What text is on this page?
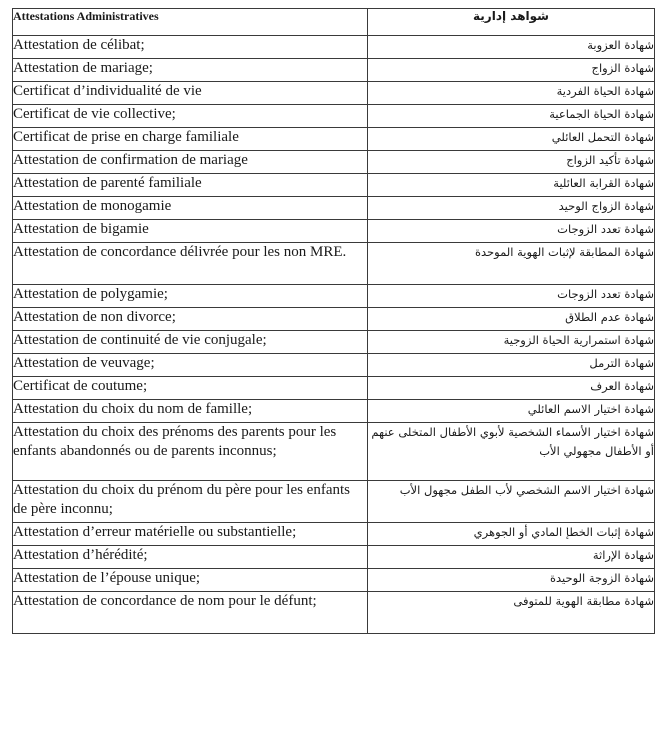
Attestations Administratives	شواهد إدارية
Attestation de célibat;	شهادة العزوبة
Attestation de mariage;	شهادة الزواج
Certificat d’individualité de vie	شهادة الحياة الفردية
Certificat de vie collective;	شهادة الحياة الجماعية
Certificat de prise en charge familiale	شهادة التحمل العائلي
Attestation de confirmation de mariage	شهادة تأكيد الزواج
Attestation de parenté familiale	شهادة القرابة العائلية
Attestation de monogamie	شهادة الزواج الوحيد
Attestation de bigamie	شهادة تعدد الزوجات
Attestation de concordance délivrée pour les non MRE.	شهادة المطابقة لإثبات الهوية الموحدة
Attestation de polygamie;	شهادة تعدد الزوجات
Attestation de non divorce;	شهادة عدم الطلاق
Attestation de continuité de vie conjugale;	شهادة استمرارية الحياة الزوجية
Attestation de veuvage;	شهادة الترمل
Certificat de coutume;	شهادة العرف
Attestation du choix du nom de famille;	شهادة اختيار الاسم العائلي
Attestation du choix des prénoms des parents pour les enfants abandonnés ou de parents inconnus;	شهادة اختيار الأسماء الشخصية لأبوي الأطفال المتخلى عنهم أو الأطفال مجهولي الأب
Attestation du choix du prénom du père pour les enfants de père inconnu;	شهادة اختيار الاسم الشخصي لأب الطفل مجهول الأب
Attestation d’erreur matérielle ou substantielle;	شهادة إثبات الخطإ المادي أو الجوهري
Attestation d’hérédité;	شهادة الإراثة
Attestation de l’épouse unique;	شهادة الزوجة الوحيدة
Attestation de concordance de nom pour le défunt;	شهادة مطابقة الهوية للمتوفى
